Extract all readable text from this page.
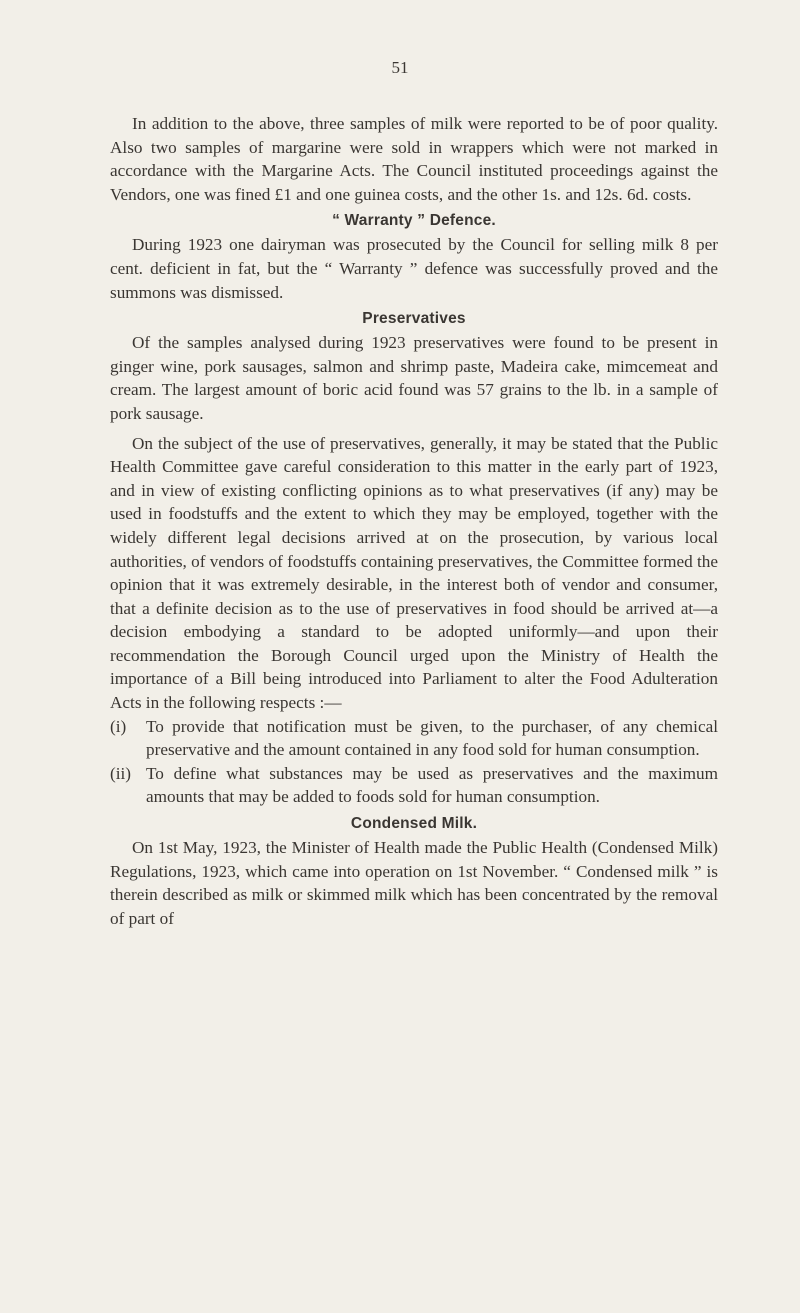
51

In addition to the above, three samples of milk were reported to be of poor quality. Also two samples of margarine were sold in wrappers which were not marked in accordance with the Margarine Acts. The Council instituted proceedings against the Vendors, one was fined £1 and one guinea costs, and the other 1s. and 12s. 6d. costs.

“ Warranty ” Defence.

During 1923 one dairyman was prosecuted by the Council for selling milk 8 per cent. deficient in fat, but the “ Warranty ” defence was successfully proved and the summons was dismissed.

Preservatives

Of the samples analysed during 1923 preservatives were found to be present in ginger wine, pork sausages, salmon and shrimp paste, Madeira cake, mimcemeat and cream. The largest amount of boric acid found was 57 grains to the lb. in a sample of pork sausage.

On the subject of the use of preservatives, generally, it may be stated that the Public Health Committee gave careful consideration to this matter in the early part of 1923, and in view of existing conflicting opinions as to what preservatives (if any) may be used in foodstuffs and the extent to which they may be employed, together with the widely different legal decisions arrived at on the prosecution, by various local authorities, of vendors of foodstuffs containing preservatives, the Committee formed the opinion that it was extremely desirable, in the interest both of vendor and consumer, that a definite decision as to the use of preservatives in food should be arrived at—a decision embodying a standard to be adopted uniformly—and upon their recommendation the Borough Council urged upon the Ministry of Health the importance of a Bill being introduced into Parliament to alter the Food Adulteration Acts in the following respects :—

(i)	To provide that notification must be given, to the purchaser, of any chemical preservative and the amount contained in any food sold for human consumption.
(ii) To define what substances may be used as preservatives and the maximum amounts that may be added to foods sold for human consumption.
Condensed Milk.

On 1st May, 1923, the Minister of Health made the Public Health (Condensed Milk) Regulations, 1923, which came into operation on 1st November. “ Condensed milk ” is therein described as milk or skimmed milk which has been concentrated by the removal of part of
